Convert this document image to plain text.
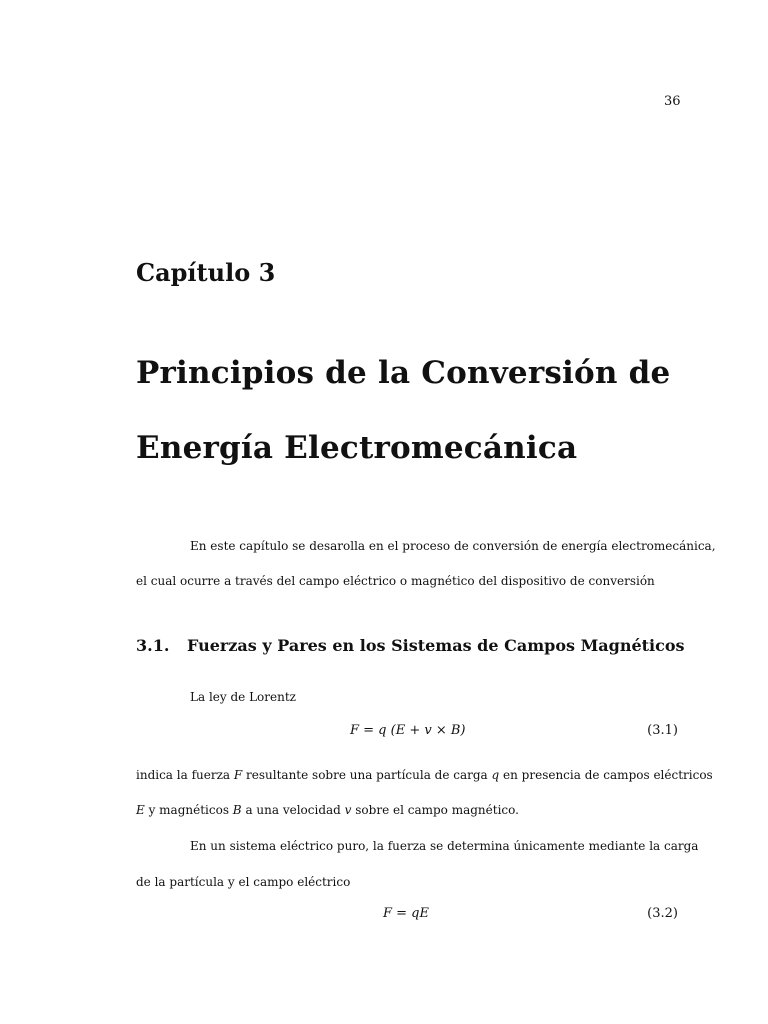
36
Capítulo 3
Principios de la Conversión de
Energía Electromecánica
En este capítulo se desarolla en el proceso de conversión de energía electromecánica,
el cual ocurre a través del campo eléctrico o magnético del dispositivo de conversión
3.1. Fuerzas y Pares en los Sistemas de Campos Magnéticos
La ley de Lorentz
F = q (E + v × B)	(3.1)
indica la fuerza F resultante sobre una partícula de carga q en presencia de campos eléctricos
E y magnéticos B a una velocidad v sobre el campo magnético.
En un sistema eléctrico puro, la fuerza se determina únicamente mediante la carga
de la partícula y el campo eléctrico
F = qE	(3.2)
